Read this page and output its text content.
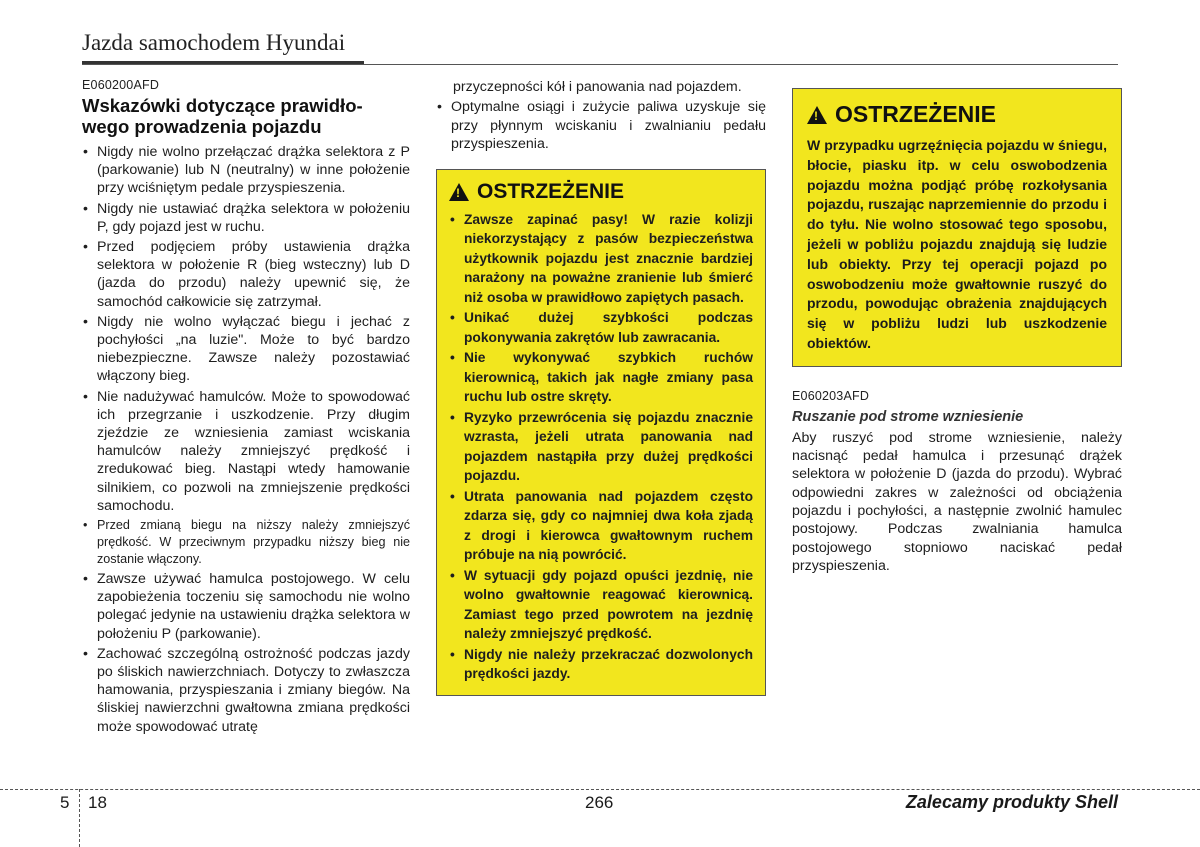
Jazda samochodem Hyundai
E060200AFD
Wskazówki dotyczące prawidło-
wego prowadzenia pojazdu
• Nigdy nie wolno przełączać drążka selektora z P (parkowanie) lub N (neutralny) w inne położenie przy wciśniętym pedale przyspieszenia.
• Nigdy nie ustawiać drążka selektora w położeniu P, gdy pojazd jest w ruchu.
• Przed podjęciem próby ustawienia drążka selektora w położenie R (bieg wsteczny) lub D (jazda do przodu) należy upewnić się, że samochód całkowicie się zatrzymał.
• Nigdy nie wolno wyłączać biegu i jechać z pochyłości „na luzie". Może to być bardzo niebezpieczne. Zawsze należy pozostawiać włączony bieg.
• Nie nadużywać hamulców. Może to spowodować ich przegrzanie i uszkodzenie. Przy długim zjeździe ze wzniesienia zamiast wciskania hamulców należy zmniejszyć prędkość i zredukować bieg. Nastąpi wtedy hamowanie silnikiem, co pozwoli na zmniejszenie prędkości samochodu.
• Przed zmianą biegu na niższy należy zmniejszyć prędkość. W przeciwnym przypadku niższy bieg nie zostanie włączony.
• Zawsze używać hamulca postojowego. W celu zapobieżenia toczeniu się samochodu nie wolno polegać jedynie na ustawieniu drążka selektora w położeniu P (parkowanie).
• Zachować szczególną ostrożność podczas jazdy po śliskich nawierzchniach. Dotyczy to zwłaszcza hamowania, przyspieszania i zmiany biegów. Na śliskiej nawierzchni gwałtowna zmiana prędkości może spowodować utratę
przyczepności kół i panowania nad pojazdem.
• Optymalne osiągi i zużycie paliwa uzyskuje się przy płynnym wciskaniu i zwalnianiu pedału przyspieszenia.
! OSTRZEŻENIE
• Zawsze zapinać pasy! W razie kolizji niekorzystający z pasów bezpieczeństwa użytkownik pojazdu jest znacznie bardziej narażony na poważne zranienie lub śmierć niż osoba w prawidłowo zapiętych pasach.
• Unikać dużej szybkości podczas pokonywania zakrętów lub zawracania.
• Nie wykonywać szybkich ruchów kierownicą, takich jak nagłe zmiany pasa ruchu lub ostre skręty.
• Ryzyko przewrócenia się pojazdu znacznie wzrasta, jeżeli utrata panowania nad pojazdem nastąpiła przy dużej prędkości pojazdu.
• Utrata panowania nad pojazdem często zdarza się, gdy co najmniej dwa koła zjadą z drogi i kierowca gwałtownym ruchem próbuje na nią powrócić.
• W sytuacji gdy pojazd opuści jezdnię, nie wolno gwałtownie reagować kierownicą. Zamiast tego przed powrotem na jezdnię należy zmniejszyć prędkość.
• Nigdy nie należy przekraczać dozwolonych prędkości jazdy.
! OSTRZEŻENIE

W przypadku ugrzęźnięcia pojazdu w śniegu, błocie, piasku itp. w celu oswobodzenia pojazdu można podjąć próbę rozkołysania pojazdu, ruszając naprzemiennie do przodu i do tyłu. Nie wolno stosować tego sposobu, jeżeli w pobliżu pojazdu znajdują się ludzie lub obiekty. Przy tej operacji pojazd po oswobodzeniu może gwałtownie ruszyć do przodu, powodując obrażenia znajdujących się w pobliżu ludzi lub uszkodzenie obiektów.

E060203AFD
Ruszanie pod strome wzniesienie

Aby ruszyć pod strome wzniesienie, należy nacisnąć pedał hamulca i przesunąć drążek selektora w położenie D (jazda do przodu). Wybrać odpowiedni zakres w zależności od obciążenia pojazdu i pochyłości, a następnie zwolnić hamulec postojowy. Podczas zwalniania hamulca postojowego stopniowo naciskać pedał przyspieszenia.

5 18	266	Zalecamy produkty Shell
